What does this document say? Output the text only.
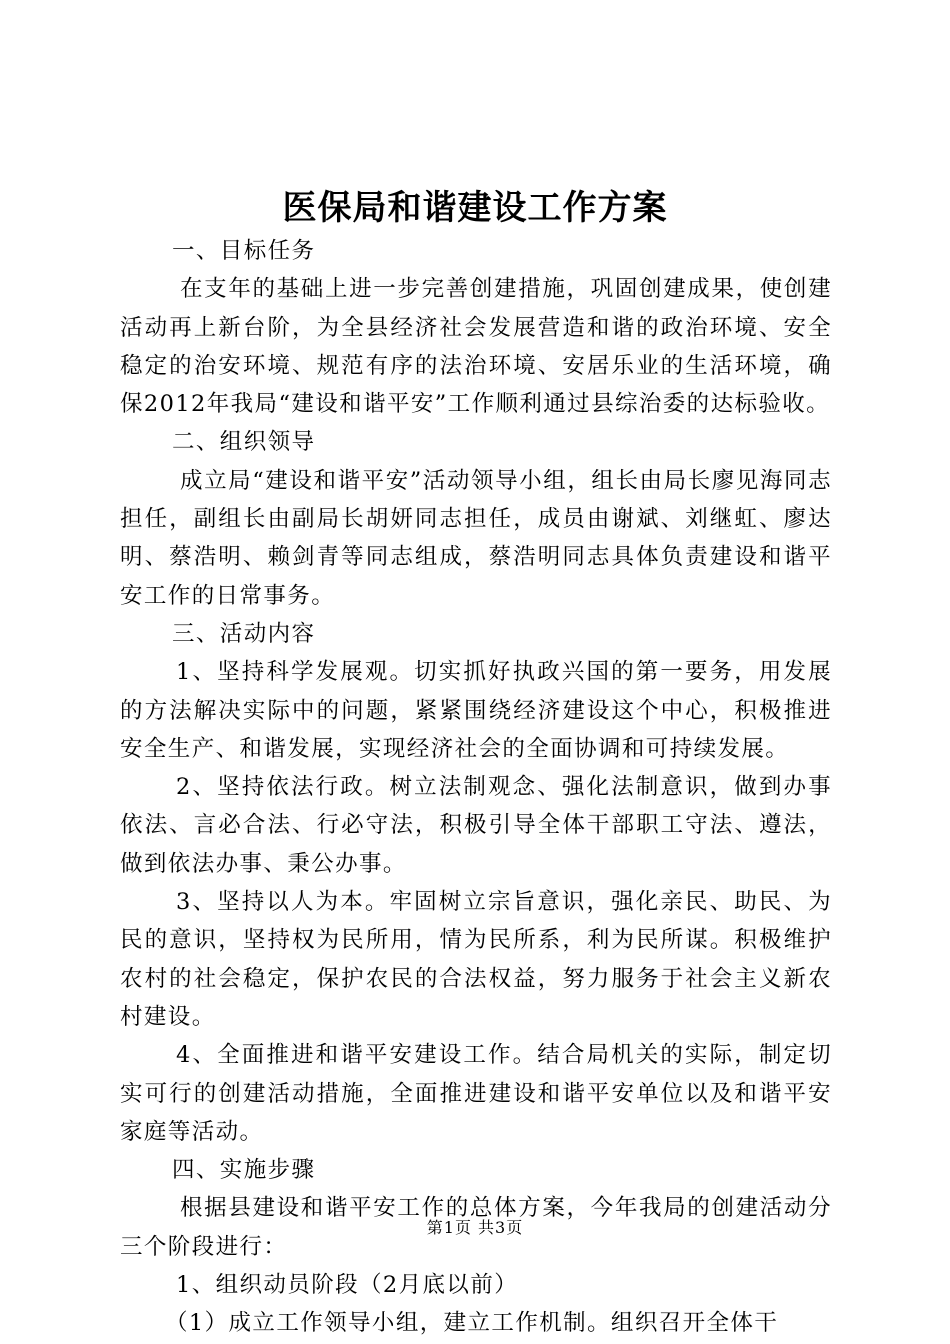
医保局和谐建设工作方案

一、目标任务

在支年的基础上进一步完善创建措施，巩固创建成果，使创建活动再上新台阶，为全县经济社会发展营造和谐的政治环境、安全稳定的治安环境、规范有序的法治环境、安居乐业的生活环境，确保2012年我局“建设和谐平安”工作顺利通过县综治委的达标验收。

二、组织领导

成立局“建设和谐平安”活动领导小组，组长由局长廖见海同志担任，副组长由副局长胡妍同志担任，成员由谢斌、刘继虹、廖达明、蔡浩明、赖剑青等同志组成，蔡浩明同志具体负责建设和谐平安工作的日常事务。

三、活动内容

1、坚持科学发展观。切实抓好执政兴国的第一要务，用发展的方法解决实际中的问题，紧紧围绕经济建设这个中心，积极推进安全生产、和谐发展，实现经济社会的全面协调和可持续发展。

2、坚持依法行政。树立法制观念、强化法制意识，做到办事依法、言必合法、行必守法，积极引导全体干部职工守法、遵法，做到依法办事、秉公办事。

3、坚持以人为本。牢固树立宗旨意识，强化亲民、助民、为民的意识，坚持权为民所用，情为民所系，利为民所谋。积极维护农村的社会稳定，保护农民的合法权益，努力服务于社会主义新农村建设。

4、全面推进和谐平安建设工作。结合局机关的实际，制定切实可行的创建活动措施，全面推进建设和谐平安单位以及和谐平安家庭等活动。

四、实施步骤

根据县建设和谐平安工作的总体方案，今年我局的创建活动分三个阶段进行：

1、组织动员阶段（2月底以前）

（1）成立工作领导小组，建立工作机制。组织召开全体干

第1页 共3页
